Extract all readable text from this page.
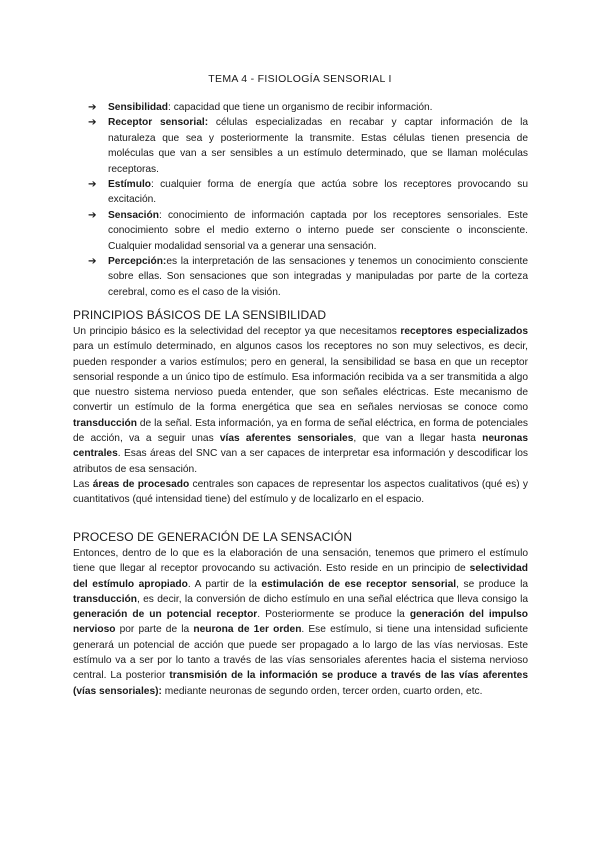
TEMA 4 - FISIOLOGÍA SENSORIAL I
➔ Sensibilidad: capacidad que tiene un organismo de recibir información.
➔ Receptor sensorial: células especializadas en recabar y captar información de la naturaleza que sea y posteriormente la transmite. Estas células tienen presencia de moléculas que van a ser sensibles a un estímulo determinado, que se llaman moléculas receptoras.
➔ Estímulo: cualquier forma de energía que actúa sobre los receptores provocando su excitación.
➔ Sensación: conocimiento de información captada por los receptores sensoriales. Este conocimiento sobre el medio externo o interno puede ser consciente o inconsciente. Cualquier modalidad sensorial va a generar una sensación.
➔ Percepción:es la interpretación de las sensaciones y tenemos un conocimiento consciente sobre ellas. Son sensaciones que son integradas y manipuladas por parte de la corteza cerebral, como es el caso de la visión.
PRINCIPIOS BÁSICOS DE LA SENSIBILIDAD
Un principio básico es la selectividad del receptor ya que necesitamos receptores especializados para un estímulo determinado, en algunos casos los receptores no son muy selectivos, es decir, pueden responder a varios estímulos; pero en general, la sensibilidad se basa en que un receptor sensorial responde a un único tipo de estímulo. Esa información recibida va a ser transmitida a algo que nuestro sistema nervioso pueda entender, que son señales eléctricas. Este mecanismo de convertir un estímulo de la forma energética que sea en señales nerviosas se conoce como transducción de la señal. Esta información, ya en forma de señal eléctrica, en forma de potenciales de acción, va a seguir unas vías aferentes sensoriales, que van a llegar hasta neuronas centrales. Esas áreas del SNC van a ser capaces de interpretar esa información y descodificar los atributos de esa sensación.
Las áreas de procesado centrales son capaces de representar los aspectos cualitativos (qué es) y cuantitativos (qué intensidad tiene) del estímulo y de localizarlo en el espacio.
PROCESO DE GENERACIÓN DE LA SENSACIÓN
Entonces, dentro de lo que es la elaboración de una sensación, tenemos que primero el estímulo tiene que llegar al receptor provocando su activación. Esto reside en un principio de selectividad del estímulo apropiado. A partir de la estimulación de ese receptor sensorial, se produce la transducción, es decir, la conversión de dicho estímulo en una señal eléctrica que lleva consigo la generación de un potencial receptor. Posteriormente se produce la generación del impulso nervioso por parte de la neurona de 1er orden. Ese estímulo, si tiene una intensidad suficiente generará un potencial de acción que puede ser propagado a lo largo de las vías nerviosas. Este estímulo va a ser por lo tanto a través de las vías sensoriales aferentes hacia el sistema nervioso central. La posterior transmisión de la información se produce a través de las vías aferentes (vías sensoriales): mediante neuronas de segundo orden, tercer orden, cuarto orden, etc.
